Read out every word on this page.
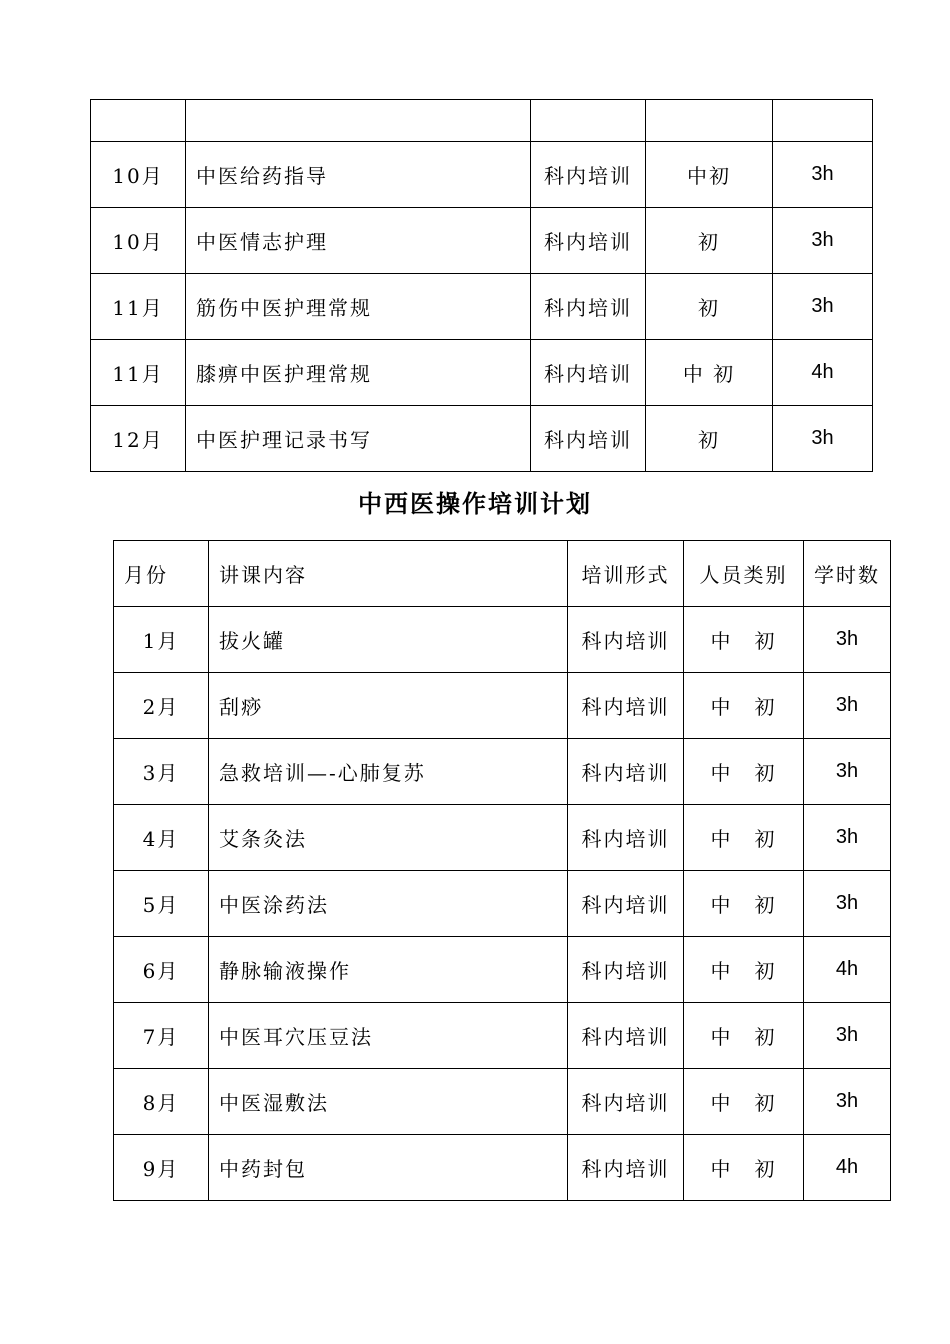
10月	中医给药指导	科内培训	中初	3h
10月	中医情志护理	科内培训	初	3h
11月	筋伤中医护理常规	科内培训	初	3h
11月	膝痹中医护理常规	科内培训	中 初	4h
12月	中医护理记录书写	科内培训	初	3h
中西医操作培训计划
月份	讲课内容	培训形式	人员类别	学时数
1月	拔火罐	科内培训	中　初	3h
2月	刮痧	科内培训	中　初	3h
3月	急救培训—-心肺复苏	科内培训	中　初	3h
4月	艾条灸法	科内培训	中　初	3h
5月	中医涂药法	科内培训	中　初	3h
6月	静脉输液操作	科内培训	中　初	4h
7月	中医耳穴压豆法	科内培训	中　初	3h
8月	中医湿敷法	科内培训	中　初	3h
9月	中药封包	科内培训	中　初	4h
